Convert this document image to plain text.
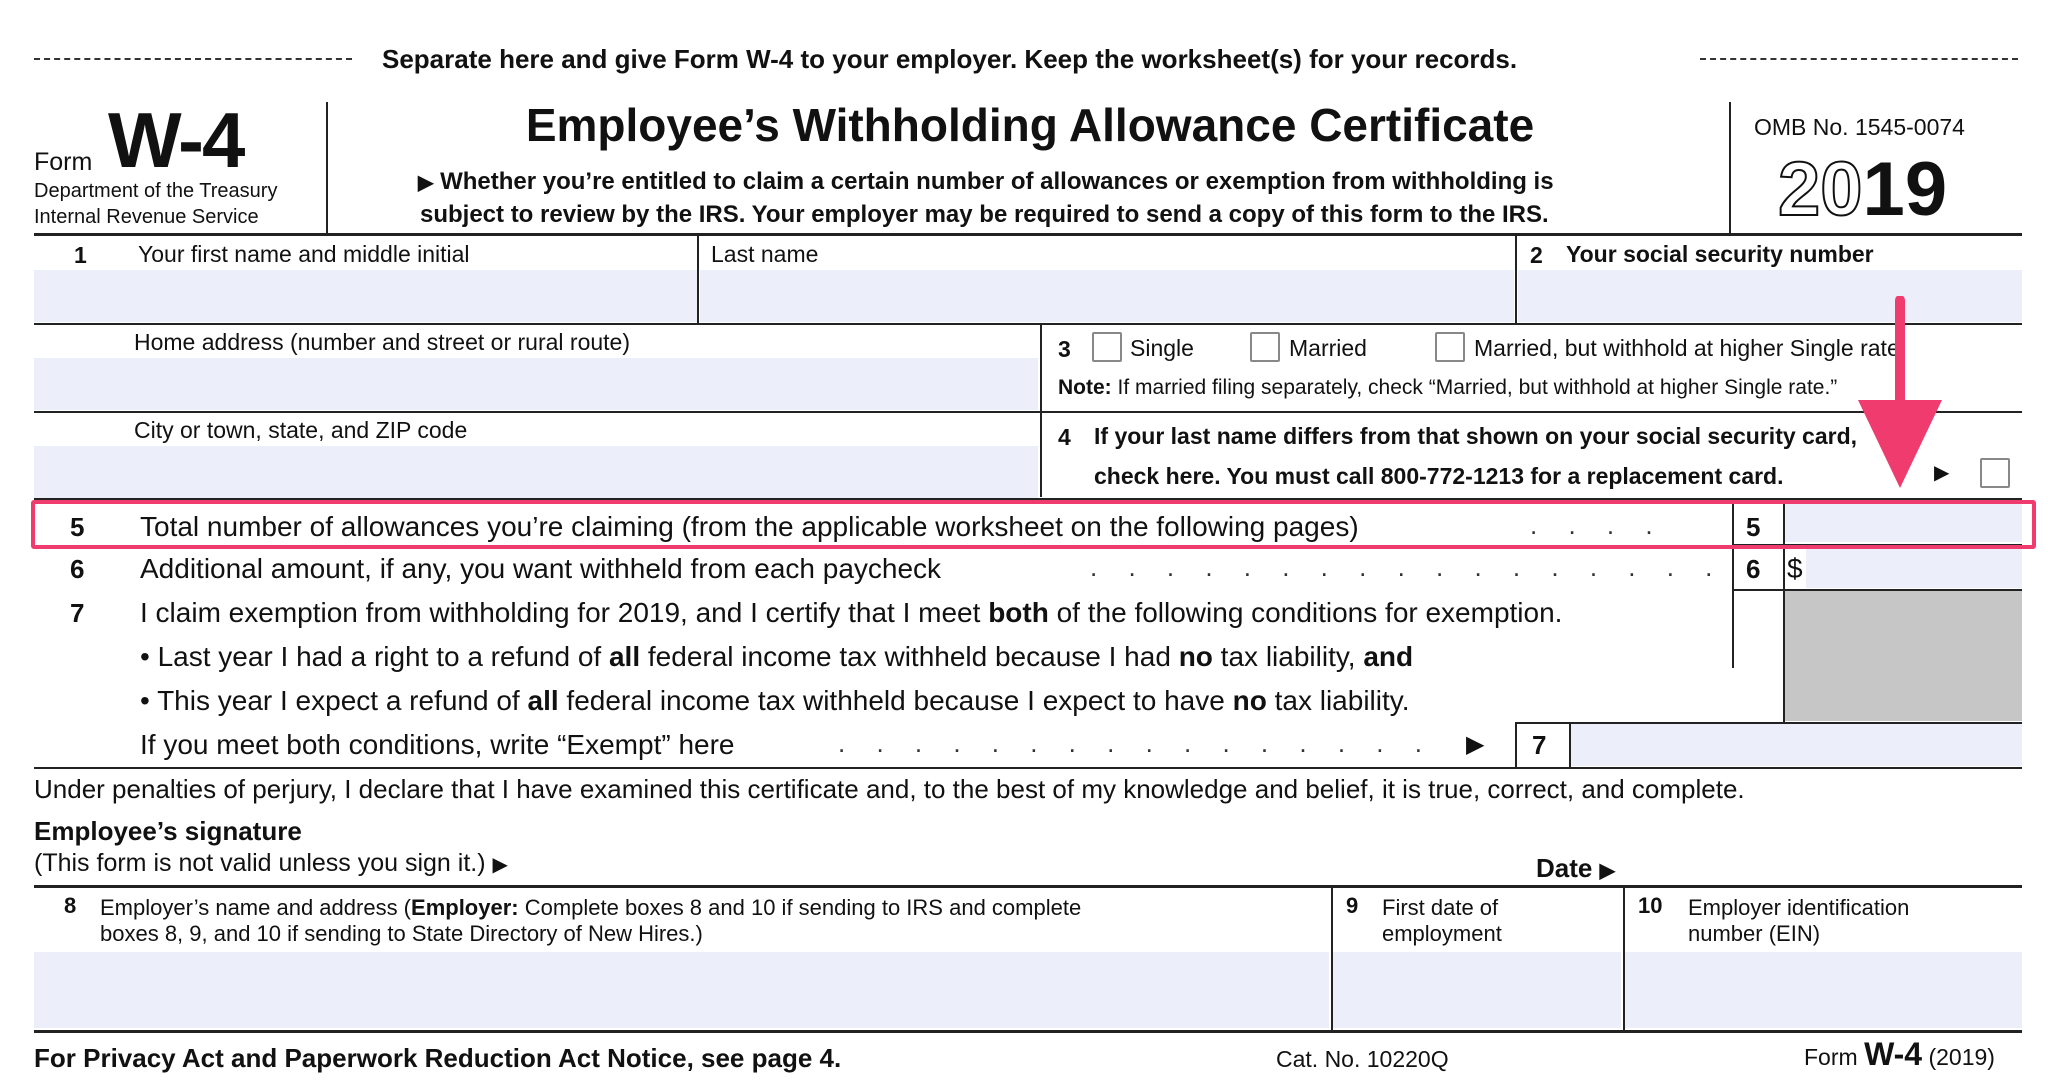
Separate here and give Form W-4 to your employer. Keep the worksheet(s) for your records.
Form W-4
Department of the Treasury
Internal Revenue Service
Employee’s Withholding Allowance Certificate
▶ Whether you’re entitled to claim a certain number of allowances or exemption from withholding is
subject to review by the IRS. Your employer may be required to send a copy of this form to the IRS.
OMB No. 1545-0074
2019
1 Your first name and middle initial	Last name	2 Your social security number
Home address (number and street or rural route)	3	Single	Married	Married, but withhold at higher Single rate.
Note: If married filing separately, check “Married, but withhold at higher Single rate.”
City or town, state, and ZIP code	4 If your last name differs from that shown on your social security card,
check here. You must call 800-772-1213 for a replacement card.	▶
5 Total number of allowances you’re claiming (from the applicable worksheet on the following pages)	. . . .	5
6 Additional amount, if any, you want withheld from each paycheck	. . . . . . . . . . . . . . . . . 6 $
7 I claim exemption from withholding for 2019, and I certify that I meet both of the following conditions for exemption.
• Last year I had a right to a refund of all federal income tax withheld because I had no tax liability, and
• This year I expect a refund of all federal income tax withheld because I expect to have no tax liability.
If you meet both conditions, write “Exempt” here	. . . . . . . . . . . . . . . . ▶ 7
Under penalties of perjury, I declare that I have examined this certificate and, to the best of my knowledge and belief, it is true, correct, and complete.
Employee’s signature
(This form is not valid unless you sign it.) ▶	Date ▶
8 Employer’s name and address (Employer: Complete boxes 8 and 10 if sending to IRS and complete
boxes 8, 9, and 10 if sending to State Directory of New Hires.)
9 First date of
employment
10 Employer identification
number (EIN)
For Privacy Act and Paperwork Reduction Act Notice, see page 4.	Cat. No. 10220Q	Form W-4 (2019)
